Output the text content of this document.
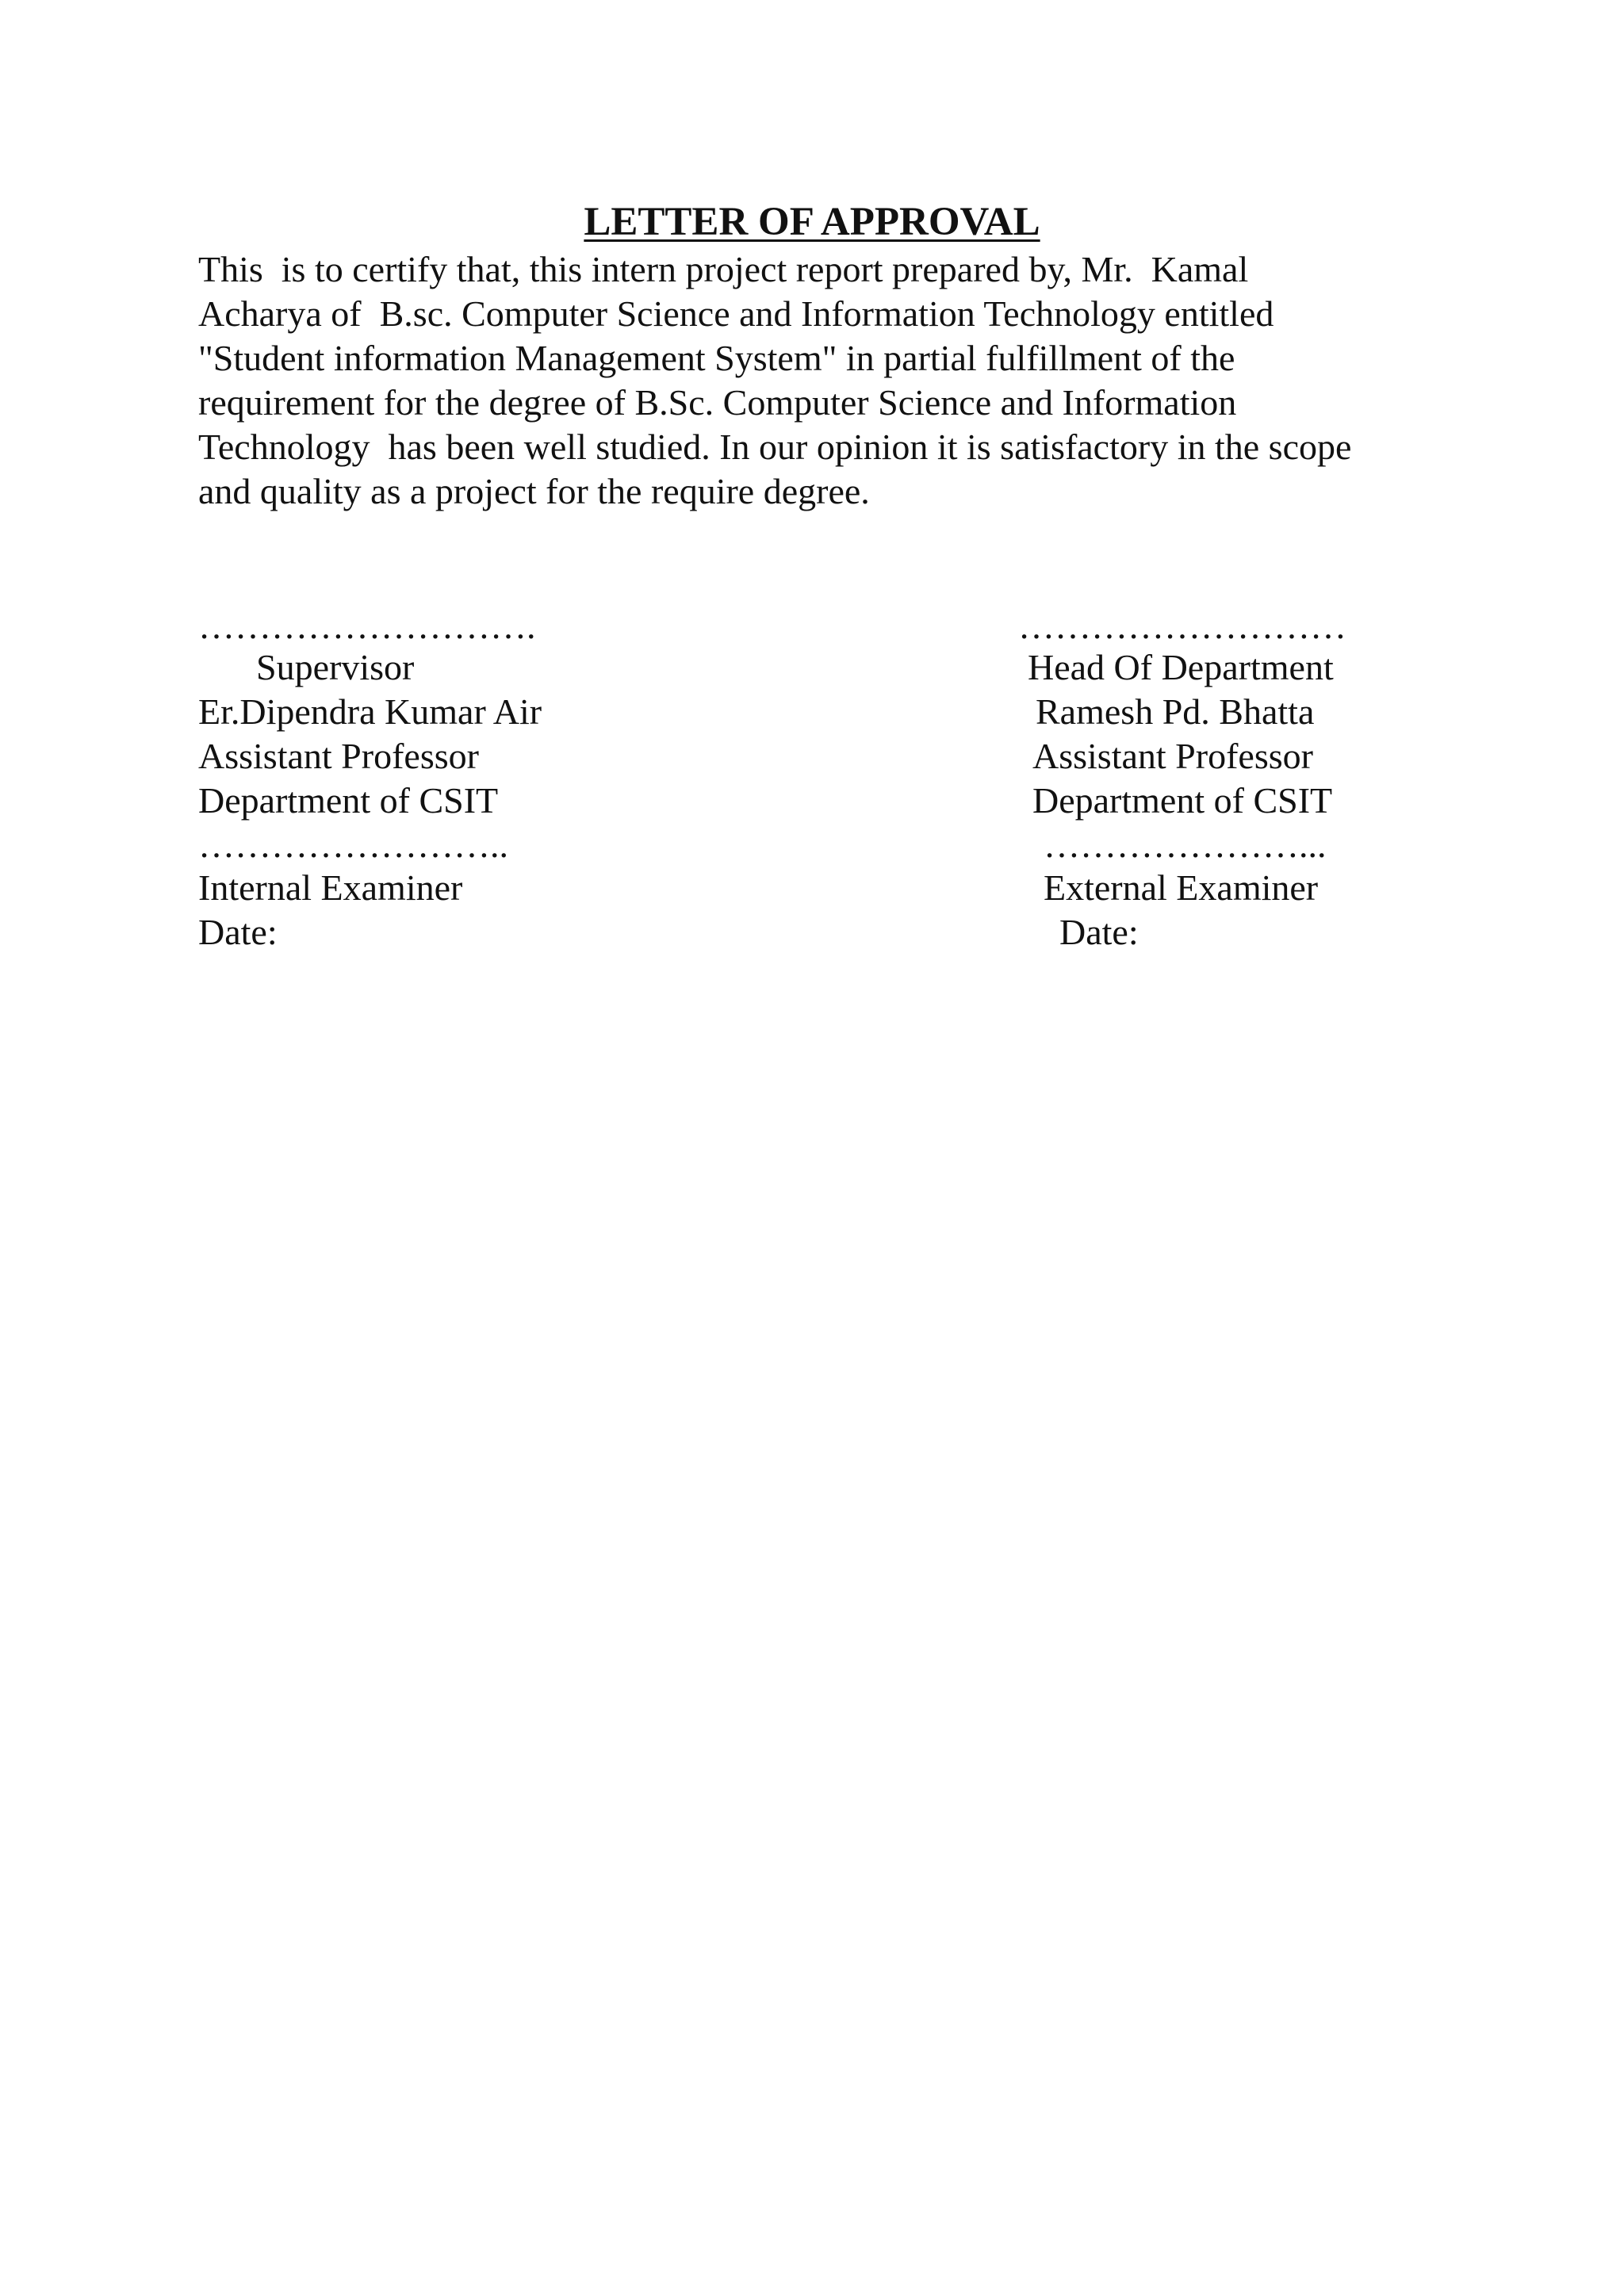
LETTER OF APPROVAL
This  is to certify that, this intern project report prepared by, Mr.  Kamal
Acharya of  B.sc. Computer Science and Information Technology entitled
"Student information Management System" in partial fulfillment of the
requirement for the degree of B.Sc. Computer Science and Information
Technology  has been well studied. In our opinion it is satisfactory in the scope
and quality as a project for the require degree.
……………………….
Supervisor
Er.Dipendra Kumar Air
Assistant Professor
Department of CSIT
………………………
Head Of Department
Ramesh Pd. Bhatta
Assistant Professor
Department of CSIT
……………………..
Internal Examiner
Date:
…………………...
External Examiner
Date:
